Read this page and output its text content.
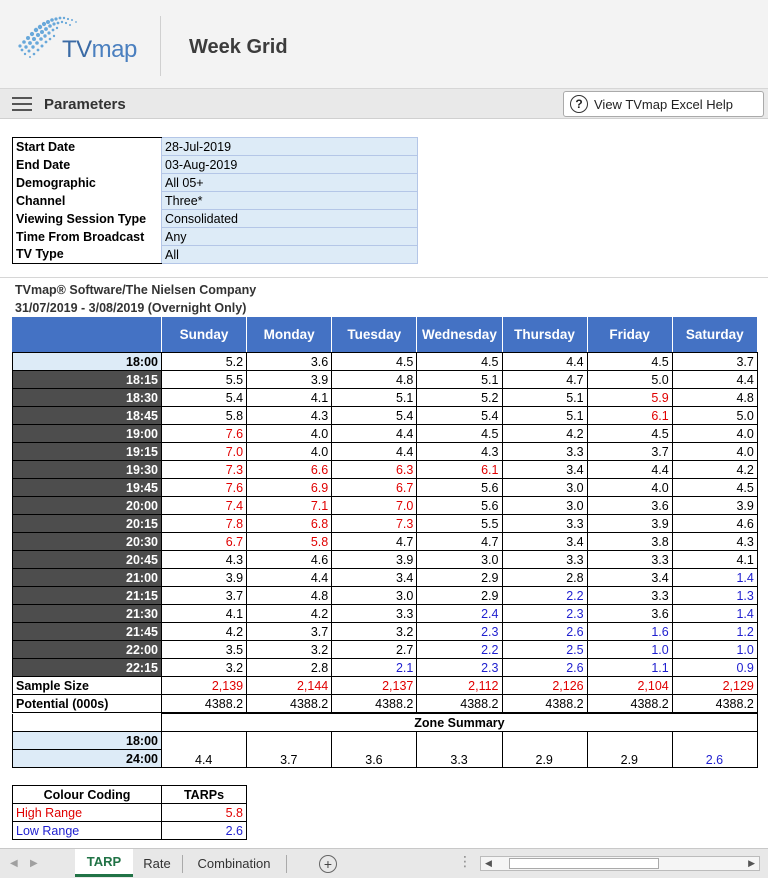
TVmap	Week Grid
Parameters	? View TVmap Excel Help
Start Date	28-Jul-2019
End Date	03-Aug-2019
Demographic	All 05+
Channel	Three*
Viewing Session Type	Consolidated
Time From Broadcast	Any
TV Type	All
TVmap® Software/The Nielsen Company
31/07/2019 - 3/08/2019 (Overnight Only)
Sunday	Monday	Tuesday	Wednesday	Thursday	Friday	Saturday
18:00	5.2	3.6	4.5	4.5	4.4	4.5	3.7
18:15	5.5	3.9	4.8	5.1	4.7	5.0	4.4
18:30	5.4	4.1	5.1	5.2	5.1	5.9	4.8
18:45	5.8	4.3	5.4	5.4	5.1	6.1	5.0
19:00	7.6	4.0	4.4	4.5	4.2	4.5	4.0
19:15	7.0	4.0	4.4	4.3	3.3	3.7	4.0
19:30	7.3	6.6	6.3	6.1	3.4	4.4	4.2
19:45	7.6	6.9	6.7	5.6	3.0	4.0	4.5
20:00	7.4	7.1	7.0	5.6	3.0	3.6	3.9
20:15	7.8	6.8	7.3	5.5	3.3	3.9	4.6
20:30	6.7	5.8	4.7	4.7	3.4	3.8	4.3
20:45	4.3	4.6	3.9	3.0	3.3	3.3	4.1
21:00	3.9	4.4	3.4	2.9	2.8	3.4	1.4
21:15	3.7	4.8	3.0	2.9	2.2	3.3	1.3
21:30	4.1	4.2	3.3	2.4	2.3	3.6	1.4
21:45	4.2	3.7	3.2	2.3	2.6	1.6	1.2
22:00	3.5	3.2	2.7	2.2	2.5	1.0	1.0
22:15	3.2	2.8	2.1	2.3	2.6	1.1	0.9
Sample Size	2,139	2,144	2,137	2,112	2,126	2,104	2,129
Potential (000s)	4388.2	4388.2	4388.2	4388.2	4388.2	4388.2	4388.2
	Zone Summary						
18:00	4.4	3.7	3.6	3.3	2.9	2.9	2.6
24:00							
Colour Coding	TARPs
High Range	5.8
Low Range	2.6
◀ ▶	TARP	Rate	Combination	+	⋮ ◀	▶
